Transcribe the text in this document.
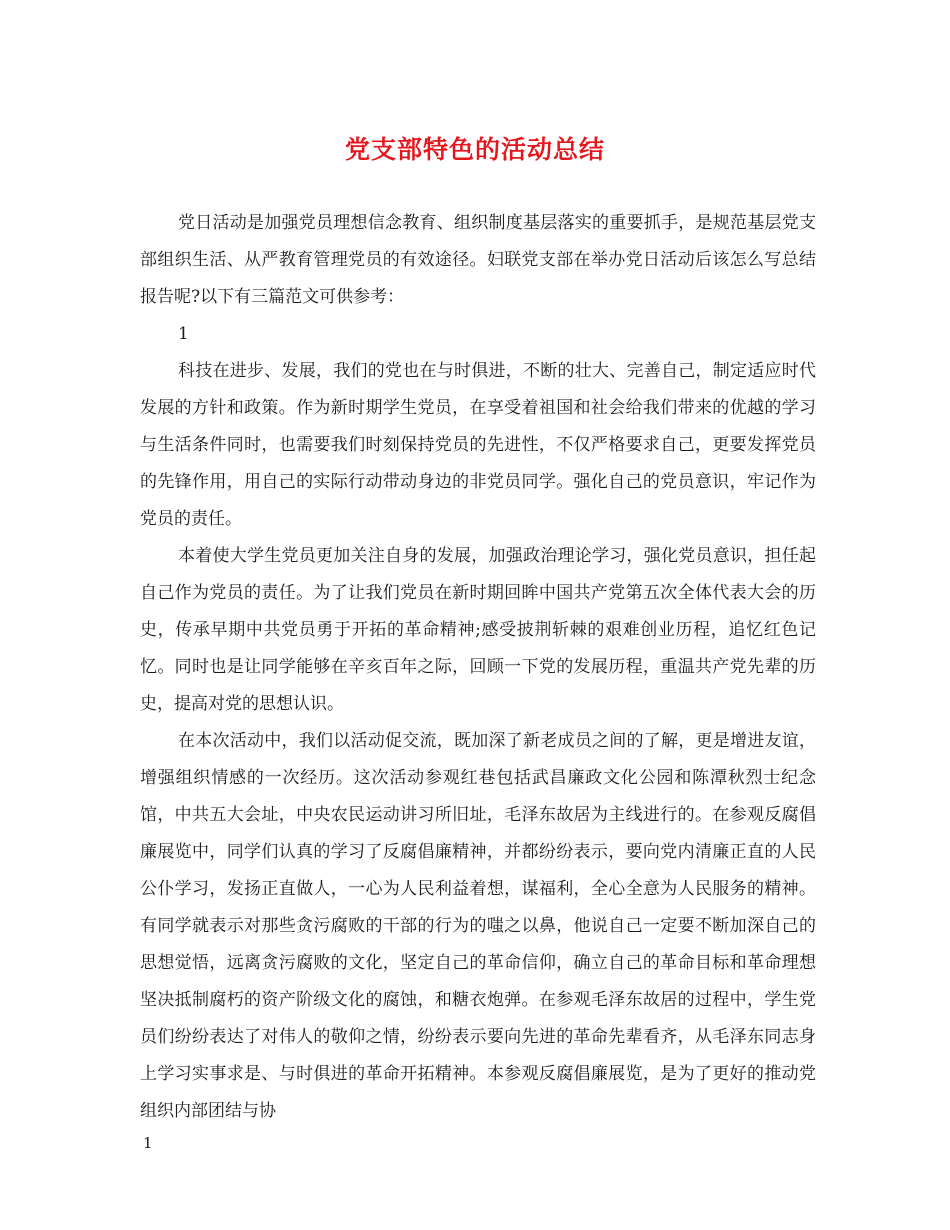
党支部特色的活动总结

党日活动是加强党员理想信念教育、组织制度基层落实的重要抓手，是规范基层党支部组织生活、从严教育管理党员的有效途径。妇联党支部在举办党日活动后该怎么写总结报告呢?以下有三篇范文可供参考：

1

科技在进步、发展，我们的党也在与时俱进，不断的壮大、完善自己，制定适应时代发展的方针和政策。作为新时期学生党员，在享受着祖国和社会给我们带来的优越的学习与生活条件同时，也需要我们时刻保持党员的先进性，不仅严格要求自己，更要发挥党员的先锋作用，用自己的实际行动带动身边的非党员同学。强化自己的党员意识，牢记作为党员的责任。

本着使大学生党员更加关注自身的发展，加强政治理论学习，强化党员意识，担任起自己作为党员的责任。为了让我们党员在新时期回眸中国共产党第五次全体代表大会的历史，传承早期中共党员勇于开拓的革命精神;感受披荆斩棘的艰难创业历程，追忆红色记忆。同时也是让同学能够在辛亥百年之际，回顾一下党的发展历程，重温共产党先辈的历史，提高对党的思想认识。

在本次活动中，我们以活动促交流，既加深了新老成员之间的了解，更是增进友谊，增强组织情感的一次经历。这次活动参观红巷包括武昌廉政文化公园和陈潭秋烈士纪念馆，中共五大会址，中央农民运动讲习所旧址，毛泽东故居为主线进行的。在参观反腐倡廉展览中，同学们认真的学习了反腐倡廉精神，并都纷纷表示，要向党内清廉正直的人民公仆学习，发扬正直做人，一心为人民利益着想，谋福利，全心全意为人民服务的精神。有同学就表示对那些贪污腐败的干部的行为的嗤之以鼻，他说自己一定要不断加深自己的思想觉悟，远离贪污腐败的文化，坚定自己的革命信仰，确立自己的革命目标和革命理想坚决抵制腐朽的资产阶级文化的腐蚀，和糖衣炮弹。在参观毛泽东故居的过程中，学生党员们纷纷表达了对伟人的敬仰之情，纷纷表示要向先进的革命先辈看齐，从毛泽东同志身上学习实事求是、与时俱进的革命开拓精神。本参观反腐倡廉展览，是为了更好的推动党组织内部团结与协

1
